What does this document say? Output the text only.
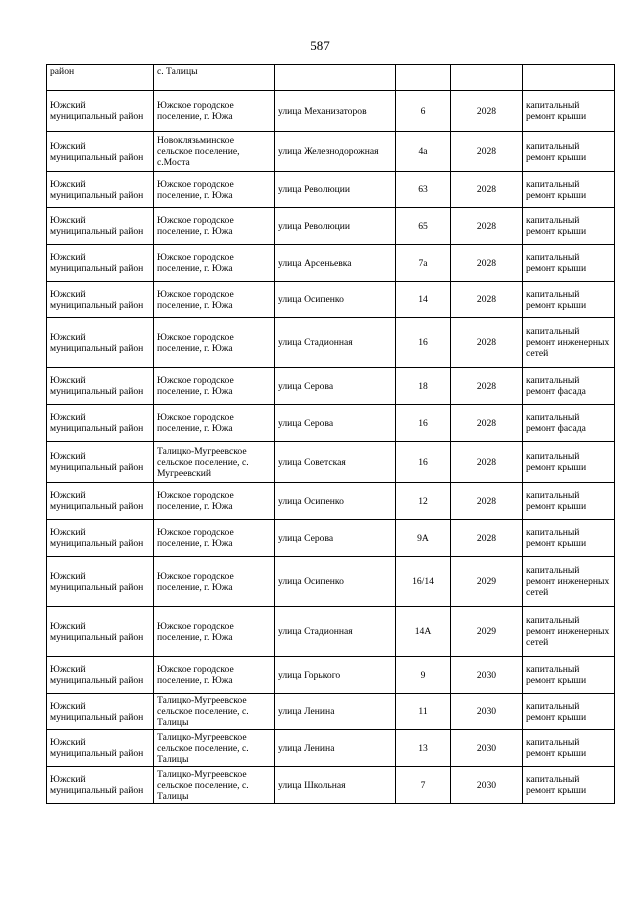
587
район	с. Талицы				
Южский муниципальный район	Южское городское поселение, г. Южа	улица Механизаторов	6	2028	капитальный ремонт крыши
Южский муниципальный район	Новоклязьминское сельское поселение, с.Моста	улица Железнодорожная	4а	2028	капитальный ремонт крыши
Южский муниципальный район	Южское городское поселение, г. Южа	улица Революции	63	2028	капитальный ремонт крыши
Южский муниципальный район	Южское городское поселение, г. Южа	улица Революции	65	2028	капитальный ремонт крыши
Южский муниципальный район	Южское городское поселение, г. Южа	улица Арсеньевка	7а	2028	капитальный ремонт крыши
Южский муниципальный район	Южское городское поселение, г. Южа	улица Осипенко	14	2028	капитальный ремонт крыши
Южский муниципальный район	Южское городское поселение, г. Южа	улица Стадионная	16	2028	капитальный ремонт инженерных сетей
Южский муниципальный район	Южское городское поселение, г. Южа	улица Серова	18	2028	капитальный ремонт фасада
Южский муниципальный район	Южское городское поселение, г. Южа	улица Серова	16	2028	капитальный ремонт фасада
Южский муниципальный район	Талицко-Мугреевское сельское поселение, с. Мугреевский	улица Советская	16	2028	капитальный ремонт крыши
Южский муниципальный район	Южское городское поселение, г. Южа	улица Осипенко	12	2028	капитальный ремонт крыши
Южский муниципальный район	Южское городское поселение, г. Южа	улица Серова	9А	2028	капитальный ремонт крыши
Южский муниципальный район	Южское городское поселение, г. Южа	улица Осипенко	16/14	2029	капитальный ремонт инженерных сетей
Южский муниципальный район	Южское городское поселение, г. Южа	улица Стадионная	14А	2029	капитальный ремонт инженерных сетей
Южский муниципальный район	Южское городское поселение, г. Южа	улица Горького	9	2030	капитальный ремонт крыши
Южский муниципальный район	Талицко-Мугреевское сельское поселение, с. Талицы	улица Ленина	11	2030	капитальный ремонт крыши
Южский муниципальный район	Талицко-Мугреевское сельское поселение, с. Талицы	улица Ленина	13	2030	капитальный ремонт крыши
Южский муниципальный район	Талицко-Мугреевское сельское поселение, с. Талицы	улица Школьная	7	2030	капитальный ремонт крыши
